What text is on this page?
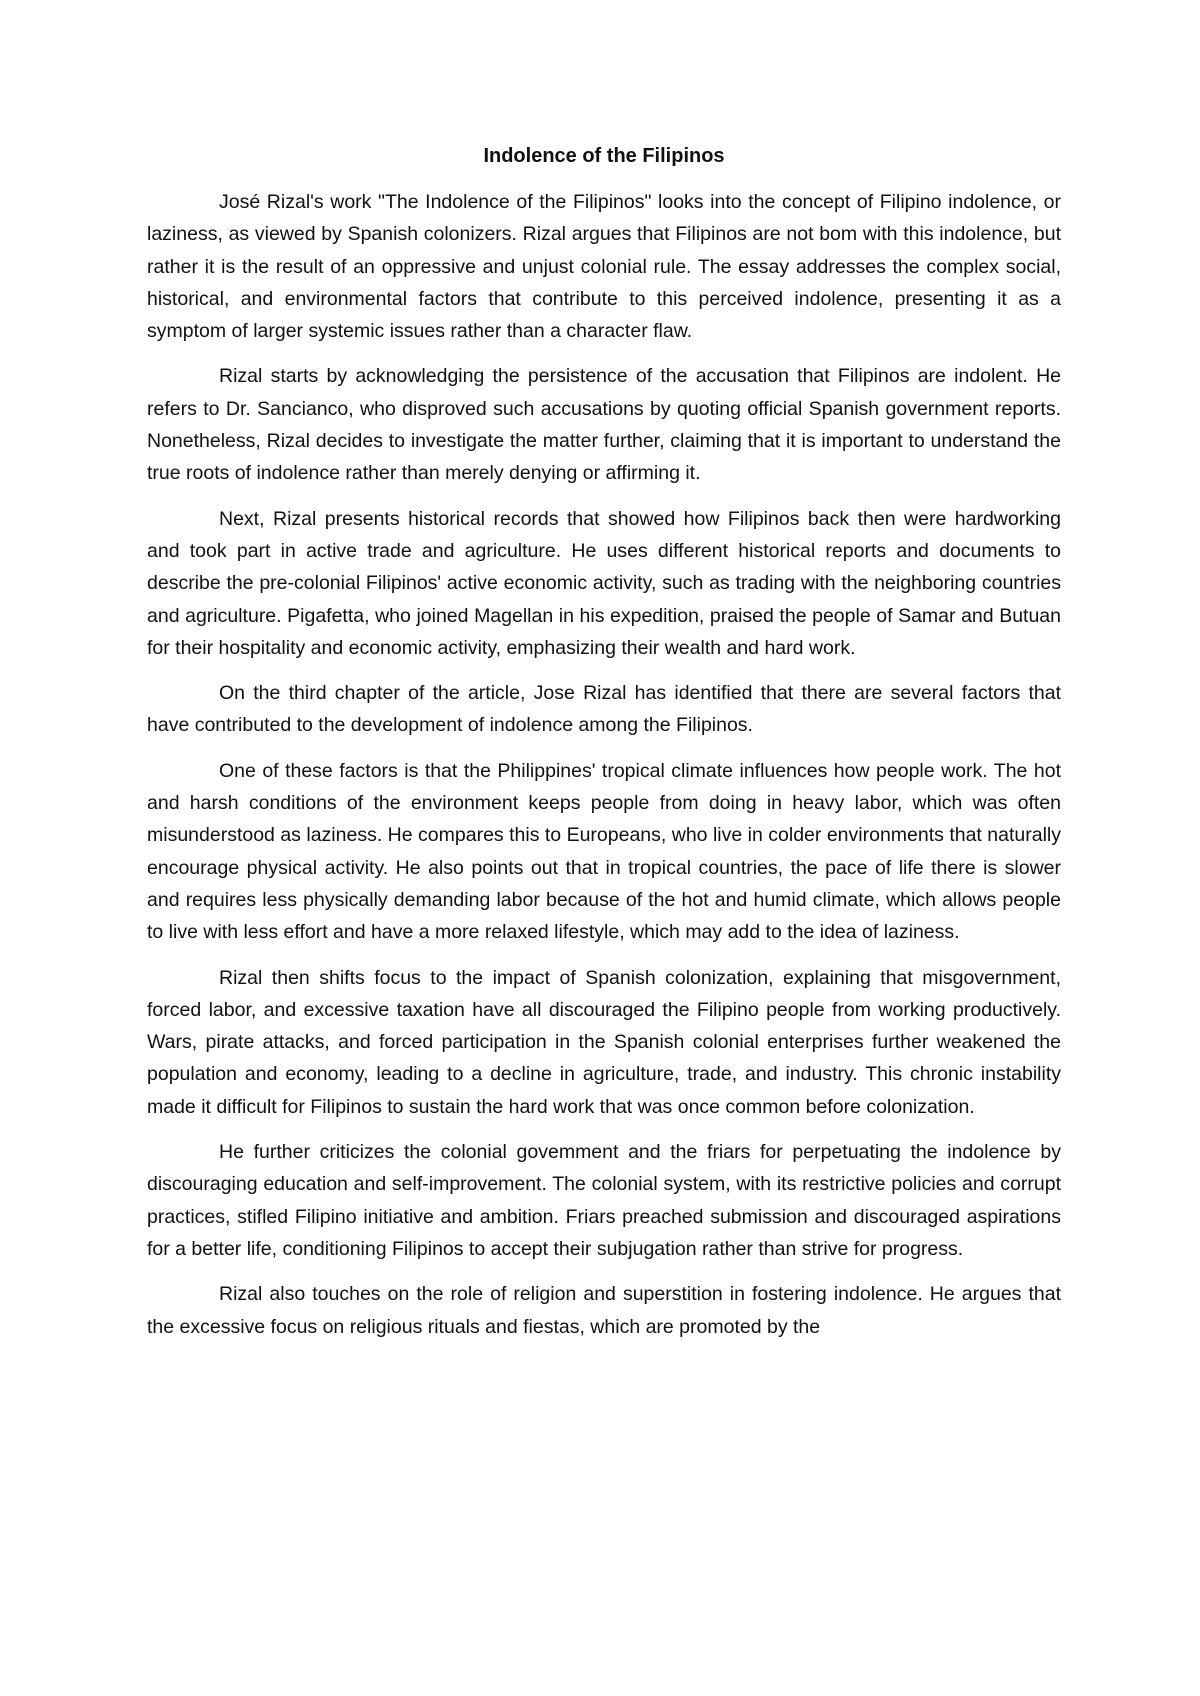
Indolence of the Filipinos

José Rizal's work "The Indolence of the Filipinos" looks into the concept of Filipino indolence, or laziness, as viewed by Spanish colonizers. Rizal argues that Filipinos are not bom with this indolence, but rather it is the result of an oppressive and unjust colonial rule. The essay addresses the complex social, historical, and environmental factors that contribute to this perceived indolence, presenting it as a symptom of larger systemic issues rather than a character flaw.

Rizal starts by acknowledging the persistence of the accusation that Filipinos are indolent. He refers to Dr. Sancianco, who disproved such accusations by quoting official Spanish government reports. Nonetheless, Rizal decides to investigate the matter further, claiming that it is important to understand the true roots of indolence rather than merely denying or affirming it.

Next, Rizal presents historical records that showed how Filipinos back then were hardworking and took part in active trade and agriculture. He uses different historical reports and documents to describe the pre-colonial Filipinos' active economic activity, such as trading with the neighboring countries and agriculture. Pigafetta, who joined Magellan in his expedition, praised the people of Samar and Butuan for their hospitality and economic activity, emphasizing their wealth and hard work.

On the third chapter of the article, Jose Rizal has identified that there are several factors that have contributed to the development of indolence among the Filipinos.

One of these factors is that the Philippines' tropical climate influences how people work. The hot and harsh conditions of the environment keeps people from doing in heavy labor, which was often misunderstood as laziness. He compares this to Europeans, who live in colder environments that naturally encourage physical activity. He also points out that in tropical countries, the pace of life there is slower and requires less physically demanding labor because of the hot and humid climate, which allows people to live with less effort and have a more relaxed lifestyle, which may add to the idea of laziness.

Rizal then shifts focus to the impact of Spanish colonization, explaining that misgovernment, forced labor, and excessive taxation have all discouraged the Filipino people from working productively. Wars, pirate attacks, and forced participation in the Spanish colonial enterprises further weakened the population and economy, leading to a decline in agriculture, trade, and industry. This chronic instability made it difficult for Filipinos to sustain the hard work that was once common before colonization.

He further criticizes the colonial govemment and the friars for perpetuating the indolence by discouraging education and self-improvement. The colonial system, with its restrictive policies and corrupt practices, stifled Filipino initiative and ambition. Friars preached submission and discouraged aspirations for a better life, conditioning Filipinos to accept their subjugation rather than strive for progress.

Rizal also touches on the role of religion and superstition in fostering indolence. He argues that the excessive focus on religious rituals and fiestas, which are promoted by the
